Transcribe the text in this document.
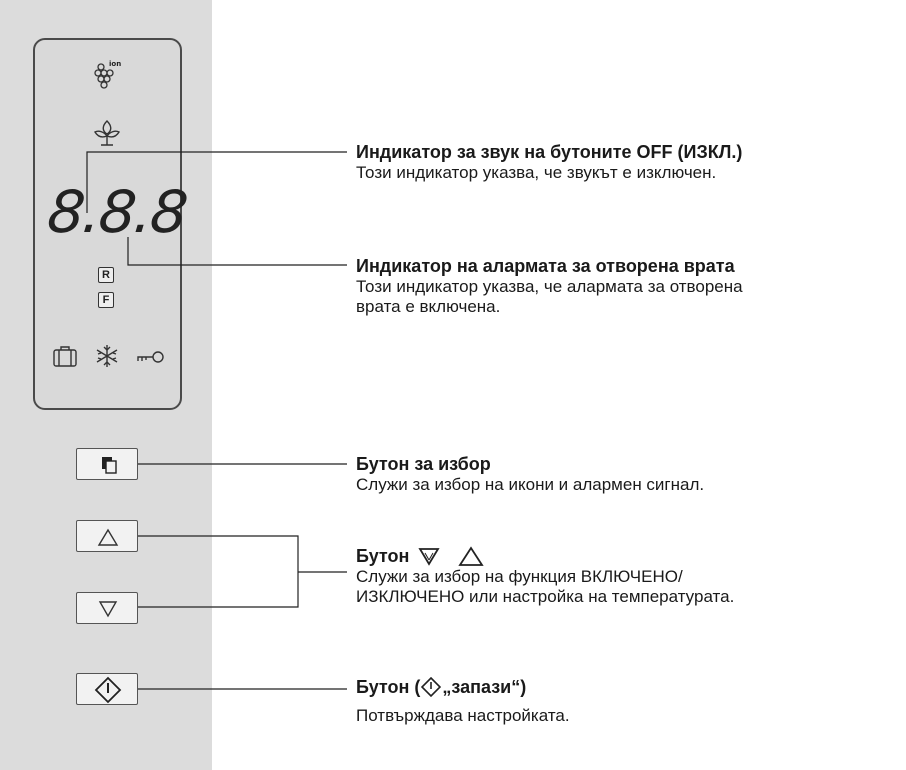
ion
8.8.8
R
F
Индикатор за звук на бутоните OFF (ИЗКЛ.)
Този индикатор указва, че звукът е изключен.
Индикатор на алармата за отворена врата
Този индикатор указва, че алармата за отворена
врата е включена.
Бутон за избор
Служи за избор на икони и алармен сигнал.
Бутон
Служи за избор на функция ВКЛЮЧЕНО/
ИЗКЛЮЧЕНО или настройка на температурата.
Бутон ( „запази“)
Потвърждава настройката.
